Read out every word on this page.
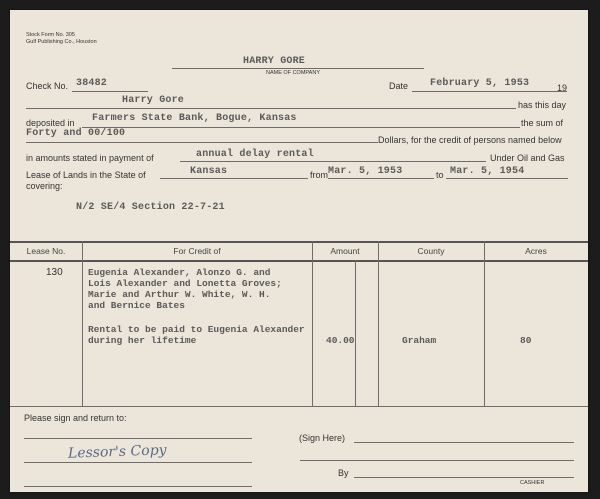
Stock Form No. 305
Gulf Publishing Co., Houston
HARRY GORE
NAME OF COMPANY
Check No. 38482	Date February 5, 1953	19
Harry Gore	has this day
deposited in Farmers State Bank, Bogue, Kansas	the sum of
Forty and 00/100
Dollars, for the credit of persons named below
in amounts stated in payment of	annual delay rental	Under Oil and Gas
Lease of Lands in the State of	Kansas	from Mar. 5, 1953	to Mar. 5, 1954
covering:
N/2 SE/4 Section 22-7-21
Lease No.	For Credit of	Amount	County	Acres
130	Eugenia Alexander, Alonzo G. and
Lois Alexander and Lonetta Groves;
Marie and Arthur W. White, W. H.
and Bernice Bates
Rental to be paid to Eugenia Alexander
during her lifetime	40.00	Graham	80
Please sign and return to:
Lessor's Copy
(Sign Here)
By
CASHIER
